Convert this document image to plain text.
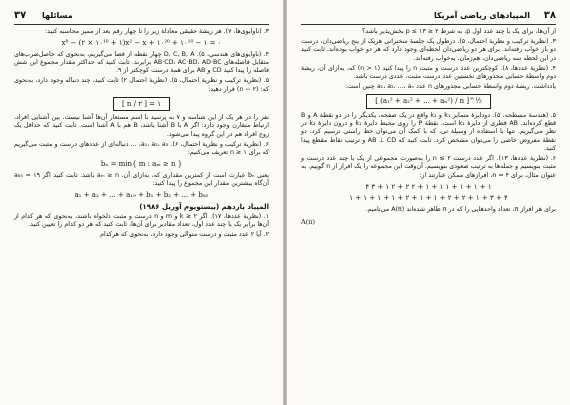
۳۷ مسائلها

۳. (ناوایوی‌ها، ۷). هر ریشهٔ حقیقی معادلهٔ زیر را تا چهار رقم بعد از ممیز محاسبه کنید:

x⁸ − (۲ × ۱۰¹⁰ + ۱)x² − x + ۱۰²⁰ + ۱۰¹⁰ − ۱ = ۰

۴. (ناوایوی‌های هندسی، ۵). D, C, B, A چهار نقطه از فضا می‌گیریم، به‌نحوی که حاصل‌ضرب‌های متقابل فاصله‌های AB·CD، AC·BD، AD·BC برابرند. ثابت کنید که حداکثر مقدار مجموع این شش فاصله را پیدا کنید CD و AB برای همهٔ درست کوچکتر از ۹.

۵. (نظریهٔ ترکیب و نظریهٔ احتمال، ۵). (نظریهٔ احتمال ۲) ثابت کنید، چند دنباله وجود دارد، به‌نحوی که: (n − ۲) قرار دهید:

[ n / ۲ ] = ۱

نفر را در هر یک از این شناسه و ۷ به پرسید با اسم مستعار آن‌ها آشنا نیست. بین آشنایی افراد، ارتباط متقارن وجود دارد: اگر A با B آشنا باشد، B هم با A آشنا است. ثابت کنید که حداقل یک زوج افراد هم در این گروه پیدا می‌شود.

۶. (نظریهٔ ترکیب و نظریهٔ احتمال، ۶). a₁، a₂، a₃، ... دنباله‌ای از عددهای درست و مثبت می‌گیریم که برای n ≥ ۱ تعریف می‌کنیم:

bₙ = min{ m : aₘ ≥ n }

یعنی bₙ عبارت است از کمترین مقداری که، به‌ازای آن، aₘ ≥ n باشد. ثابت کنید اگر a₈₅ = ۱۹ آن‌گاه بیشترین مقدار این مجموع را پیدا کنید:

a₁ + a₂ + ... + a₁₉ + b₁ + b₂ + ... + b₈₅
المپیاد یازدهم (بیستویوم آوریل ۱۹۸۶)

۱. (نظریهٔ عددها، ۱۷). اگر k ≥ ۲ و m و n درست و مثبت دلخواه باشند، به‌نحوی که هر کدام از آن‌ها برابر یک یا چند عدد اول، تعداد مقادیر برای آن‌ها، ثابت کنید که هر دو کدام را تعیین کنید.

۲. آیا ۲ عدد مثبت و درست متوالی وجود دارد، به‌نحوی که هرکدام

۳۸
المپیادهای ریاضی آمریکا

از آن‌ها، برای یک یا چند عدد اول p، به شرط ۲ ≤ p ≤ ۱۳ بخش‌پذیر باشد؟

۳. (نظریهٔ ترکیب و نظریهٔ احتمال، ۵). درطول یک جلسهٔ سخنرانی هریک از پنج ریاضی‌دان، درست دو بار خواب رفته‌اند. برای هر دو ریاضی‌دان لحظه‌ای وجود دارد که هر دو خواب بوده‌اند. ثابت کنید در این لحظه سه ریاضی‌دان، هم‌زمان، به‌خواب رفته‌اند.

۴. (نظریهٔ عددها، ۸). کوچکترین عدد درست و مثبت n را پیدا کنید (n > ۱) که، به‌ازای آن، ریشهٔ دوم واسطهٔ حسابی مجذورهای نخستین عدد درست مثبت، عددی درست باشد.

یادداشت. ریشهٔ دوم واسطهٔ حسابی مجذورهای n عدد a₁، a₂، ...، aₙ چنین است:

[ (a₁² + a₂² + ... + aₙ²) / n ]^½

۵. (هندسهٔ مسطحه، ۵). دودایرهٔ متمایز k₁ و k₂ واقع در یک صفحه، یکدیگر را در دو نقطهٔ A و B قطع کرده‌اند. AB قطری از دایرهٔ k₁ است. نقطهٔ P را روی محیط دایرهٔ k₁ و درون دایرهٔ k₂ در نظر می‌گیریم. تنها با استفاده از وسیلهٔ تی، که با کمک آن می‌توان خط راستی ترسیم کرد، دو نقطهٔ مفروض خاصی را می‌توان مشخص کرد. ثابت کنید که AB ⊥ CD و ترتیب نقاط مقطع پیدا کنید.

۶. (نظریهٔ عددها، ۱۳). اگر عدد درست ۲ ≥ n را به‌صورت مجموعی از یک یا چند عدد درست و مثبت بنویسیم و جمله‌ها به ترتیب صعودی بنویسیم، آن‌وقت این مجموعه را یک افراز از n گوییم. به عنوان مثال، برای ۴ = n، افرازهای ممکن عبارتند از:

۴ ۳ + ۱ ۲ + ۲ ۲ + ۱ + ۱ ۱ + ۱ + ۱ + ۱
۱ + ۱ + ۱ + ۱ + ۲ + ۱ + ۱ + ۲ + ۲ + ۱ + ۳ + ۴

برای هر افراز π، تعداد واحدهایی را که در π ظاهر شده‌اند A(π) می‌نامیم.

A(π)
